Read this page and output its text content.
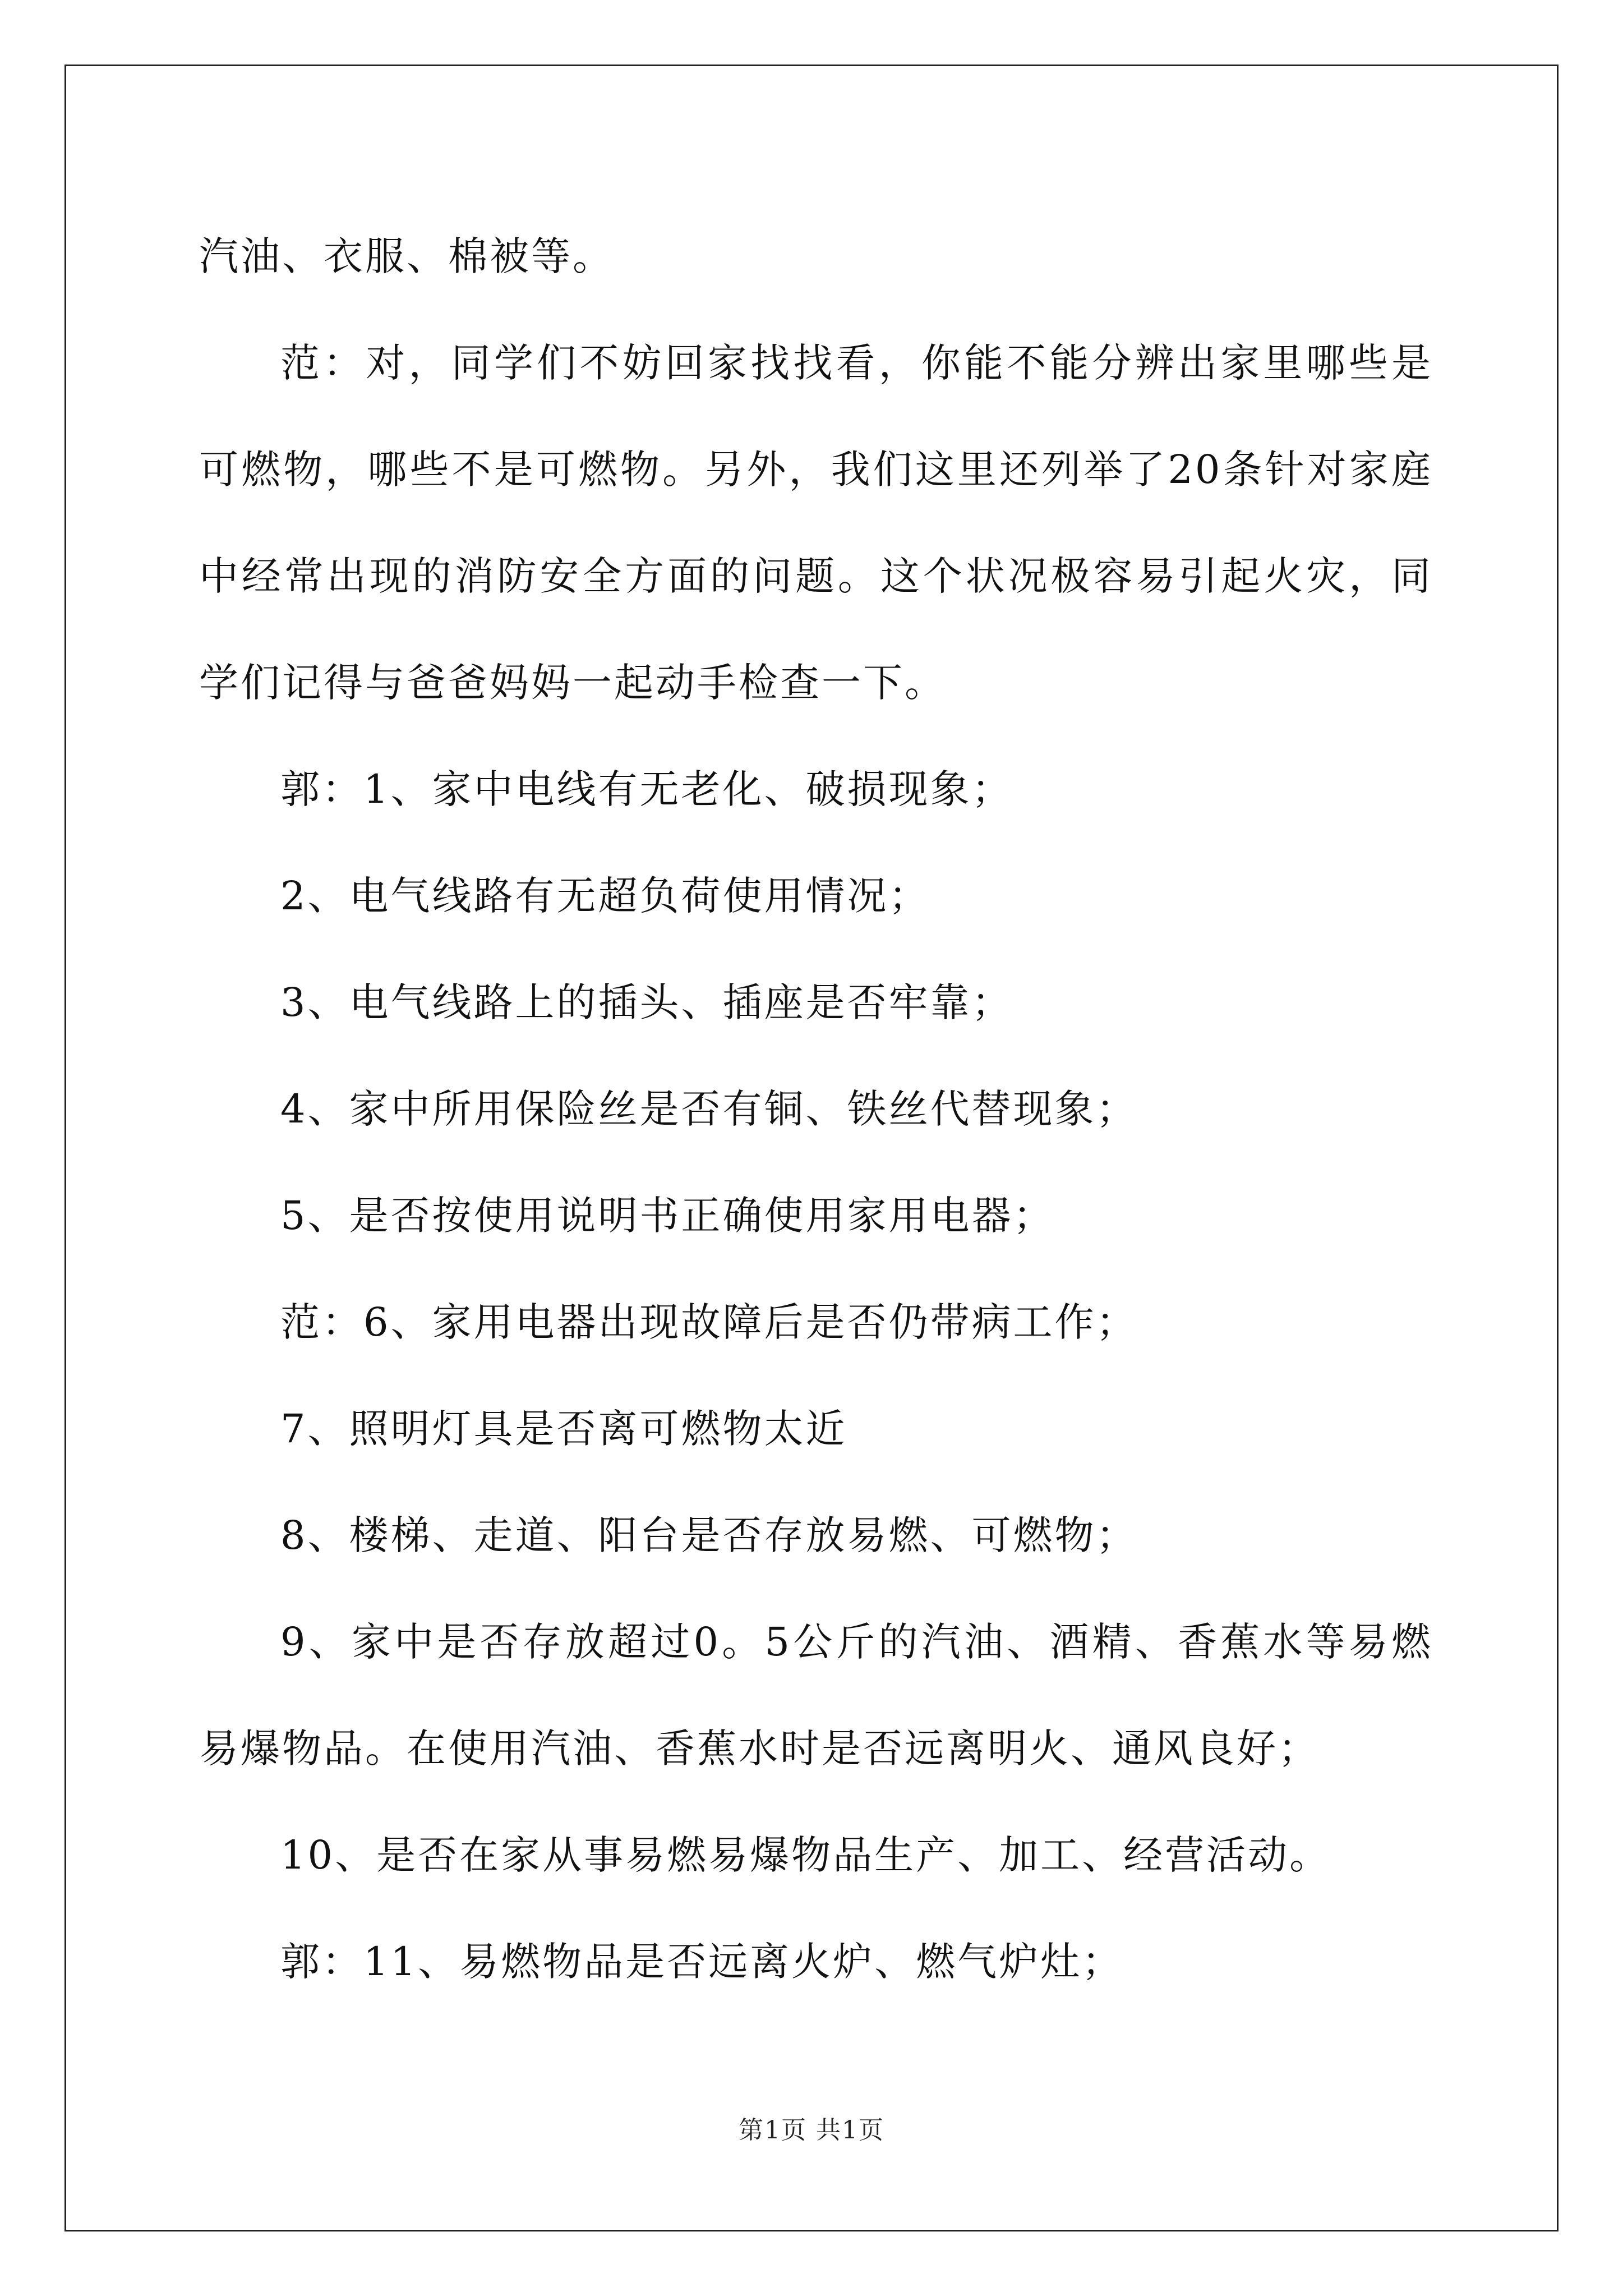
汽油、衣服、棉被等。

范：对，同学们不妨回家找找看，你能不能分辨出家里哪些是可燃物，哪些不是可燃物。另外，我们这里还列举了20条针对家庭中经常出现的消防安全方面的问题。这个状况极容易引起火灾，同学们记得与爸爸妈妈一起动手检查一下。

郭：1、家中电线有无老化、破损现象；

2、电气线路有无超负荷使用情况；

3、电气线路上的插头、插座是否牢靠；

4、家中所用保险丝是否有铜、铁丝代替现象；

5、是否按使用说明书正确使用家用电器；

范：6、家用电器出现故障后是否仍带病工作；

7、照明灯具是否离可燃物太近

8、楼梯、走道、阳台是否存放易燃、可燃物；

9、家中是否存放超过0。5公斤的汽油、酒精、香蕉水等易燃易爆物品。在使用汽油、香蕉水时是否远离明火、通风良好；

10、是否在家从事易燃易爆物品生产、加工、经营活动。

郭：11、易燃物品是否远离火炉、燃气炉灶；

第1页 共1页
